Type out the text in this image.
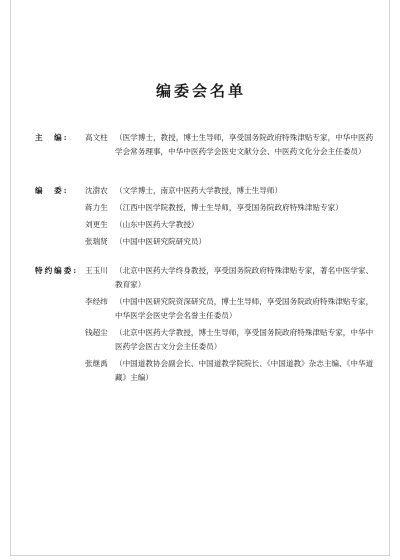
编委会名单
主　编: 高文柱 （医学博士，教授，博士生导师，享受国务院政府特殊津贴专家，中华中医药学会常务理事，中华中医药学会医史文献分会、中医药文化分会主任委员）
编　委: 沈澍农 （文学博士，南京中医药大学教授，博士生导师）
蒋力生 （江西中医学院教授，博士生导师，享受国务院政府特殊津贴专家）
刘更生 （山东中医药大学教授）
张瑞贤 （中国中医研究院研究员）
特约编委: 王玉川 （北京中医药大学终身教授，享受国务院政府特殊津贴专家，著名中医学家、教育家）
李经纬 （中国中医研究院资深研究员，博士生导师，享受国务院政府特殊津贴专家，中华医学会医史学会名誉主任委员）
钱超尘 （北京中医药大学教授，博士生导师，享受国务院政府特殊津贴专家，中华中医药学会医古文分会主任委员）
张继禹 （中国道教协会副会长、中国道教学院院长、《中国道教》杂志主编、《中华道藏》主编）
